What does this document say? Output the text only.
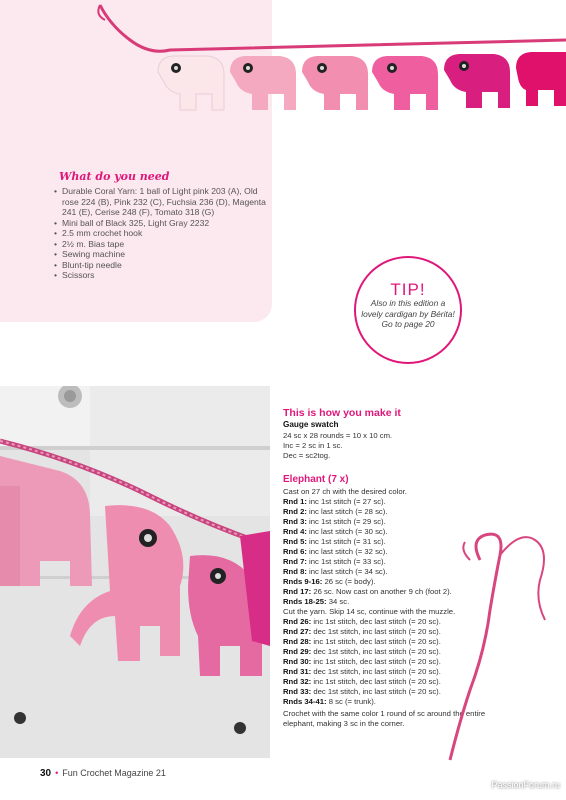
What do you need
• Durable Coral Yarn: 1 ball of Light pink 203 (A), Old rose 224 (B), Pink 232 (C), Fuchsia 236 (D), Magenta 241 (E), Cerise 248 (F), Tomato 318 (G)
• Mini ball of Black 325, Light Gray 2232
• 2.5 mm crochet hook
• 2½ m. Bias tape
• Sewing machine
• Blunt-tip needle
• Scissors
TIP!
Also in this edition a lovely cardigan by Bérita! Go to page 20
This is how you make it
Gauge swatch
24 sc x 28 rounds = 10 x 10 cm.
Inc = 2 sc in 1 sc.
Dec = sc2tog.
Elephant (7 x)
Cast on 27 ch with the desired color.
Rnd 1: inc 1st stitch (= 27 sc).
Rnd 2: inc last stitch (= 28 sc).
Rnd 3: inc 1st stitch (= 29 sc).
Rnd 4: inc last stitch (= 30 sc).
Rnd 5: inc 1st stitch (= 31 sc).
Rnd 6: inc last stitch (= 32 sc).
Rnd 7: inc 1st stitch (= 33 sc).
Rnd 8: inc last stitch (= 34 sc).
Rnds 9-16: 26 sc (= body).
Rnd 17: 26 sc. Now cast on another 9 ch (foot 2).
Rnds 18-25: 34 sc.
Cut the yarn. Skip 14 sc, continue with the muzzle.
Rnd 26: inc 1st stitch, dec last stitch (= 20 sc).
Rnd 27: dec 1st stitch, inc last stitch (= 20 sc).
Rnd 28: inc 1st stitch, dec last stitch (= 20 sc).
Rnd 29: dec 1st stitch, inc last stitch (= 20 sc).
Rnd 30: inc 1st stitch, dec last stitch (= 20 sc).
Rnd 31: dec 1st stitch, inc last stitch (= 20 sc).
Rnd 32: inc 1st stitch, dec last stitch (= 20 sc).
Rnd 33: dec 1st stitch, inc last stitch (= 20 sc).
Rnds 34-41: 8 sc (= trunk).
Crochet with the same color 1 round of sc around the entire
elephant, making 3 sc in the corner.
30 • Fun Crochet Magazine 21
PassionForum.ru
